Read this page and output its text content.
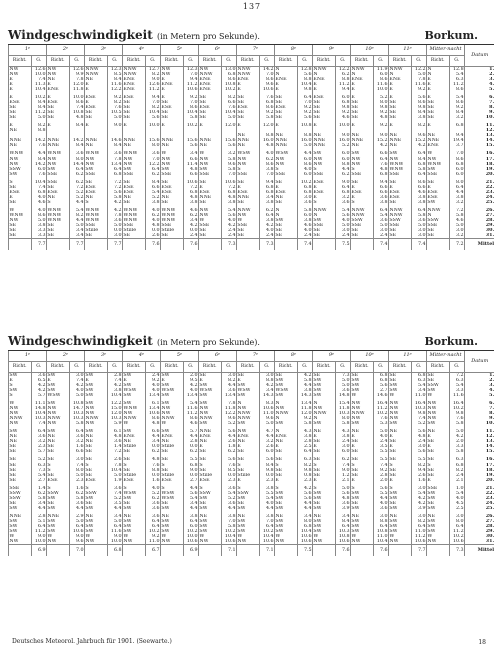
137
Windgeschwindigkeit (in Metern pro Sekunde).	Borkum.
1ᵖ		2ᵖ		3ᵖ		4ᵖ		5ᵖ		6ᵖ		7ᵖ		8ᵖ		9ᵖ		10ᵖ		11ᵖ		Mitter-nacht		Datum
Richt.	G.	Richt.	G.	Richt.	G.	Richt.	G.	Richt.	G.	Richt.	G.	Richt.	G.	Richt.	G.	Richt.	G.	Richt.	G.	Richt.	G.	Richt.	G.	
NW	12.6	NW	12.6	NNW	12.3	NNW	12.7	NW	12.3	NW	13.0	NNW	14.2	N	12.8	NNW	12.2	NNW	11.9	NNW	12.2	N	12.8	1.
NW	10.0	NW	9.9	NNW	8.5	NNW	8.2	NW	7.0	NNW	6.8	NNW	7.0	N	5.6	N	6.2	N	6.0	N	5.0	N	5.4	2.
E	7.4	NE	7.8	NE	8.4	ENE	9.0	E	9.4	ENE	8.6	ENE	8.6	ENE	8.8	ENE	8.8	ENE	8.6	ENE	7.8	E	6.3	3.
E	11.3	E	12.0	E	11.6	ENE	12.6	ENE	11.2	ENE	10.8	E	9.6	E	10.4	E	11.2	E	11.6	E	11.6	E	11.2	4.
E	10.4	ENE	11.8	E	12.2	ENE	11.2	E	10.6	ENE	10.2	E	10.6	E	9.8	E	9.4	E	10.0	E	9.2	E	8.6	5.

E	10.2	E	10.0	ESE	9.2	ESE	9.4	E	9.2	SE	8.2	SE	7.6	SE	6.4	ESE	6.0	E	5.2	E	5.6	E	5.4	6.
ESE	8.4	ESE	8.6	E	8.2	SE	7.0	SE	7.0	SE	6.6	SE	6.8	SE	7.0	SE	6.8	SE	8.0	SE	8.6	SE	8.6	7.
SE	8.4	SE	7.4	ESE	7.6	SE	8.2	ESE	8.6	ESE	7.6	ESE	8.6	ESE	9.2	SE	9.8	SE	9.8	SE	9.8	SE	9.2	8.
SE	11.2	SE	10.8	SE	10.5	SE	10.4	SE	10.4	SE	10.4	SE	9.2	SE	9.2	SE	9.2	SE	9.2	SE	8.4	SE	8.4	9.
SE	5.0	SE	4.8	SE	5.0	SE	5.6	SE	5.8	SE	5.0	SE	5.8	SE	5.6	SE	4.6	SE	4.8	SE	3.8	SE	3.2	10.

E	8.2	E	8.4	E	9.0	E	10.0	E	10.2	E	12.0	E	12.0	E	10.8	E	10.0	E	9.2	E	8.2	E	6.8	11.
NE	8.8																							12.
												NE	8.8	NE	8.8	NE	9.0	NE	9.0	NE	9.6	NE	9.4	13.
NNE	14.2	NNE	14.2	NNE	14.6	NNE	15.6	NNE	15.6	NNE	15.6	NNE	16.0	NNE	16.0	NNE	16.0	NNE	15.2	NNE	15.2	NNE	19.4	14.
NE	7.6	NNE	8.4	NE	8.4	NE	8.0	NE	5.6	NE	5.6	NE	4.8	NNE	5.0	NNE	5.2	NE	4.2	NE	4.2	ENE	3.7	15.

WNW	4.4	WNW	3.6	WNW	3.6	WNW	3.6	W	3.4	W	3.2	WSW	4.0	WSW	4.4	SW	6.0	SW	6.6	SW	6.4	W	7.0	16.
NW	8.4	NW	8.0	NW	7.8	NW	7.0	NW	6.6	NW	5.8	NW	6.2	NW	6.0	NW	6.0	NW	6.4	NW	8.4	NW	8.6	17.
NW	14.2	NW	14.4	NW	13.4	NW	12.2	NW	11.4	NW	9.6	NW	8.6	NW	8.6	NW	8.8	NW	7.6	WNW	6.8	WNW	6.8	18.
SSW	6.0	SW	6.4	SW	6.4	SW	6.4	SW	4.8	SW	5.8	S	3.8	S	4.0	S	4.4	S	4.8	WNW	5.8	SW	6.0	19.
SW	7.6	SSE	6.2	SSE	6.8	SSE	6.2	SSE	6.6	SSE	7.0	SSE	7.0	SSE	6.0	SSE	6.2	SSE	6.8	SSE	6.4	SSE	6.0	20.

S	10.4	SSE	6.2	SE	7.2	SE	8.4	SE	10.6	SE	10.6	SE	9.4	SE	10.2	ESE	9.0	SE	9.4	SE	8.6	SE	8.0	21.
SE	7.4	SE	7.2	ESE	7.2	ESE	6.6	ESE	7.2	E	7.2	E	6.8	E	6.8	E	6.4	E	6.6	E	6.6	E	6.4	22.
ESE	6.8	ESE	5.2	ESE	5.6	ESE	5.4	ESE	6.8	ESE	6.8	ESE	6.8	ESE	6.8	ESE	6.8	ESE	6.6	ESE	4.6	ESE	4.4	23.
E	4.0	NE	5.2	NE	5.8	NE	5.2	NE	4.8	NNE	4.8	NNE	3.4	NE	3.0	E	3.2	E	3.6	ESE	3.8	ESE	3.8	24.
SE	4.6	S	4.4	S	4.2	SE	3.8	SE	3.8	SE	3.8	SE	3.8	SE	3.6	S	3.6	S	3.8	SE	3.8	SW	3.2	25.

W	4.0	WNW	5.4	WNW	4.2	WNW	4.0	WNW	4.6	NW	5.4	NNW	6.2	N	5.8	NNW	5.4	NNW	6.4	NNW	6.4	NNW	7.2	26.
WNW	8.6	WNW	8.2	WNW	7.8	WNW	6.2	WNW	6.2	NW	5.6	NW	6.4	N	6.0	N	5.6	NNW	5.4	NNW	5.8	N	5.8	27.
NW	5.0	WNW	4.4	WNW	3.6	WNW	4.0	WNW	3.4	W	4.0	W	3.8	SW	3.8	SW	4.0	SSW	3.6	SSW	3.6	SSW	4.6	28.
SE	3.8	SE	5.0	SSE	5.0	SSE	4.8	SSE	4.2	SSE	4.2	SSE	4.2	SE	4.6	SSE	5.0	SSE	5.0	SSE	5.0	SSE	5.0	29.
SE	3.3	SE	3.4	Stille	0.0	Stille	0.0	Stille	0.0	SE	2.4	SE	4.0	SE	4.0	SE	3.0	SE	3.0	SE	3.0	SE	3.0	30.
SE	3.3	SE	3.4	SE	3.0	SE	2.6	SE	2.4	SE	2.4	SE	2.4	SE	2.4	SE	2.4	SE	2.4	SE	3.0	SE	3.2	31.
	7.7		7.7		7.7		7.6		7.6		7.3		7.3		7.4		7.5		7.4		7.4		7.2	Mittel
Windgeschwindigkeit (in Metern pro Sekunde).	Borkum.
1ᵖ		2ᵖ		3ᵖ		4ᵖ		5ᵖ		6ᵖ		7ᵖ		8ᵖ		9ᵖ		10ᵖ		11ᵖ		Mitter-nacht		Datum
Richt.	G.	Richt.	G.	Richt.	G.	Richt.	G.	Richt.	G.	Richt.	G.	Richt.	G.	Richt.	G.	Richt.	G.	Richt.	G.	Richt.	G.	Richt.	G.	
SW	3.6	SW	3.0	SW	2.8	SW	2.4	SW	2.0	SE	3.0	SE	3.0	SE	4.2	SE	7.3	SE	6.8	SE	6.8	SE	7.2	1.
E	6.5	E	7.4	E	7.4	E	9.2	E	9.5	E	8.2	E	8.8	SW	5.8	SW	5.0	SW	6.8	SE	6.3	SE	6.3	2.
S	4.2	SW	4.2	SW	4.2	SW	4.0	SW	4.2	SW	4.4	SW	4.2	SW	4.4	SW	5.0	SW	5.6	SW	5.4	SSW	5.4	3.
SW	4.2	SW	4.0	SW	3.8	WSW	4.0	WSW	4.0	WSW	3.6	WSW	3.4	WSW	3.8	SW	3.6	SW	2.7	SW	3.4	SW	3.3	4.
S	5.7	WSW	5.0	SW	10.4	SW	13.4	SW	13.4	SW	13.4	SW	14.3	SW	14.3	SW	14.8	W	14.6	W	11.0	W	11.6	5.

W	11.1	SW	10.8	SW	12.2	SW	6.1	SW	5.4	SW	7.8	N	8.3	N	13.4	N	15.4	NW	16.4	NW	16.4	NW	16.4	6.
NW	14.8	NW	14.7	NW	15.0	WNW	13.4	NW	11.6	NW	11.8	NW	10.6	NW	11.8	NW	11.8	NW	11.2	NW	10.3	NW	10.2	7.
NW	10.4	NW	10.3	NW	12.0	NW	10.6	NW	11.2	NW	12.2	NNW	11.0	NNW	12.0	NNW	10.3	NNW	10.2	NW	9.8	NW	9.8	8.
NNW	10.3	NNW	10.3	NNW	10.3	NNW	8.6	NNW	8.6	NNW	9.6	NNW	9.6	N	9.2	N	8.0	NW	7.6	NW	7.4	NW	7.6	9.
NW	7.4	NW	5.8	NW	5.9	W	4.8	W	4.6	SW	5.2	SW	5.0	SW	5.8	SW	5.8	SW	5.3	SW	5.2	SW	5.8	10.

SW	6.4	SW	6.4	SW	6.1	SW	6.6	SW	5.7	NNE	5.6	NW	4.7	N	4.3	NE	4.3	NE	5.0	NE	5.6	NE	5.0	11.
NE	3.6	NE	3.6	NE	4.8	ENE	4.4	ENE	4.4	ENE	4.4	ENE	4.4	ENE	3.8	E	3.8	E	4.0	E	4.8	E	4.2	12.
NE	3.2	NE	3.2	NE	3.6	NE	3.4	NE	2.8	NE	2.6	NE	3.2	NE	2.8	SE	2.4	SE	2.4	SE	2.4	SE	2.0	13.
SE	2.3	SE	1.6	SE	1.4	Stille	0.0	Stille	0.0	E	1.8	E	2.6	E	2.5	E	3.0	E	3.5	E	3.0	E	3.3	14.
SE	5.7	SE	6.6	SE	7.2	SE	6.2	SE	6.2	SE	6.2	SE	6.0	SE	6.4	SE	6.0	SE	5.5	SE	5.6	SE	5.8	15.

SE	5.2	SE	3.0	SE	2.6	SE	4.8	SE	5.5	SE	5.6	SE	5.6	SE	6.3	SE	6.2	SE	5.5	SE	5.5	SE	6.3	16.
SE	6.3	S	7.4	S	7.8	S	7.6	S	6.8	S	7.6	S	8.4	S	8.2	S	7.4	S	7.4	S	8.2	S	6.8	17.
SE	7.3	S	8.0	SE	10.4	SE	8.8	SE	9.0	SE	8.5	SE	9.8	SE	9.8	SE	9.0	SE	9.2	SE	9.4	SE	8.2	18.
SE	5.4	SE	5.0	SE	5.0	Stille	0.0	Stille	0.0	Stille	0.0	Stille	0.0	SE	0.8	SE	1.2	SE	2.8	SE	2.6	SE	2.4	19.
SE	2.7	ESE	2.3	ESE	1.9	ESE	1.6	ESE	2.7	ESE	2.3	E	2.3	E	2.3	E	2.1	E	2.0	E	1.6	E	2.1	20.

SSE	1.4	S	1.6	S	3.6	S	4.0	S	4.4	S	3.6	S	3.8	S	4.2	S	5.0	S	5.6	S	3.0	SSE	1.0	21.
SSW	6.2	SSW	6.2	SSW	7.4	WSW	5.2	WSW	5.6	SSW	5.4	SSW	5.5	SW	5.6	SW	5.6	SW	5.5	SW	5.4	SW	5.4	22.
SSW	5.8	SW	5.8	SW	5.2	SW	6.2	WSW	5.4	SW	5.2	SW	5.4	SW	5.6	SW	4.8	SW	4.4	SW	4.2	SW	4.0	23.
SE	3.4	SE	3.6	SE	3.5	SE	3.6	SE	3.4	SE	3.6	SE	4.0	SE	4.4	SE	3.6	SE	4.0	SE	4.2	SE	4.5	24.
SW	4.4	SW	4.4	SW	4.4	SW	3.6	SW	4.4	SW	4.4	SW	4.4	SW	4.4	SW	3.9	SW	3.6	SW	3.9	SW	2.5	25.

NNE	2.8	NNE	2.9	NE	3.4	NE	3.6	NE	3.8	NE	3.8	NE	3.8	NE	3.4	NE	3.4	NE	3.0	NE	3.0	NE	3.0	26.
SW	5.1	SW	5.0	SW	5.0	SW	6.4	SW	6.4	SW	7.0	SW	7.0	SW	8.0	SW	8.4	SW	8.8	SW	8.2	SW	8.0	27.
SW	6.4	SW	6.4	SW	6.4	SW	6.4	SW	6.0	SW	5.8	SW	6.4	SW	6.8	SW	6.4	SW	6.4	SW	6.4	SW	6.4	28.
SW	11.2	SW	10.6	SW	11.6	SW	10.2	SW	10.2	SW	10.2	SW	10.2	SW	10.4	SW	10.3	SW	10.8	SW	11.0	SW	11.2	29.
W	9.0	W	9.0	W	9.0	W	9.2	W	10.0	W	10.4	W	10.4	W	10.6	W	10.8	W	11.0	W	11.2	W	10.2	30.
NW	10.0	NW	9.6	NW	10.0	NW	11.0	NW	10.6	NW	10.6	NW	10.6	NW	10.6	NW	10.6	NW	10.4	NW	10.6	NW	10.6	31.
	6.9		7.0		6.8		6.7		6.9		7.1		7.1		7.5		7.6		7.6		7.7		7.3	Mittel
Deutsches Meteorol. Jahrbuch für 1901. (Seewarte.)	18
